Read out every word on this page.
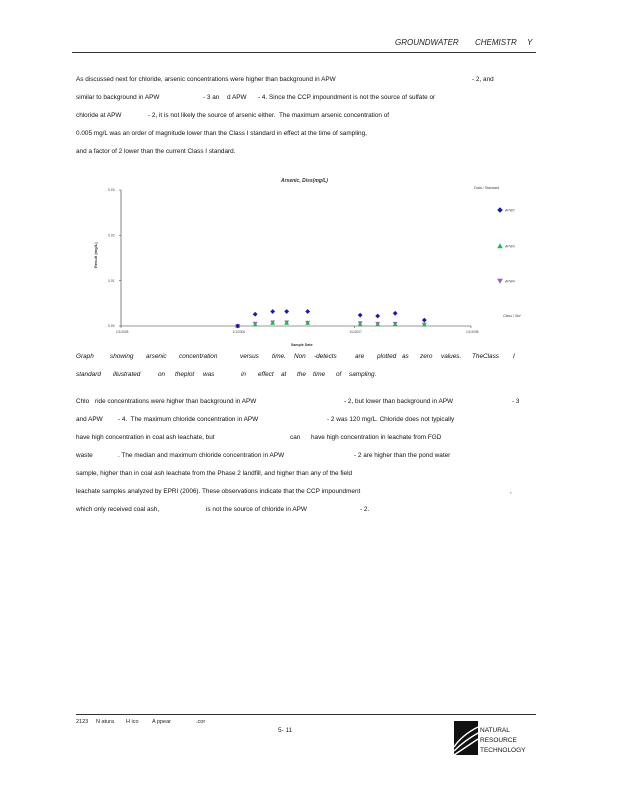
GROUNDWATER CHEMISTR Y
As discussed next for chloride, arsenic concentrations were higher than background in APW	- 2, and
similar to background in APW	- 3 an d APW - 4. Since the CCP impoundment is not the source of sulfate or
chloride at APW	- 2, it is not likely the source of arsenic either.  The maximum arsenic concentration of
0.005 mg/L was an order of magnitude lower than the Class I standard in effect at the time of sampling,
and a factor of 2 lower than the current Class I standard.
Arsenic, Diss(mg/L)
Data / Standard
Result (mg/L)
Sample Date
0.03
0.02
0.01
0.00
1/1/2005	1/1/2006	1/1/2007	1/1/2008
APW2
APW3
APW4
Class I Std
Graph	showing arsenic concentration	versus time. Non -detects	are plotted as zero values. TheClass I
standard illustrated	on theplot was	in effect at the time of sampling.
Chlo ride concentrations were higher than background in APW	- 2, but lower than background in APW	- 3
and APW - 4.  The maximum chloride concentration in APW	- 2 was 120 mg/L. Chloride does not typically
have high concentration in coal ash leachate, but	can have high concentration in leachate from FGD
waste	. The median and maximum chloride concentration in APW	- 2 are higher than the pond water
sample, higher than in coal ash leachate from the Phase 2 landfill, and higher than any of the field
leachate samples analyzed by EPRI (2006). These observations indicate that the CCP impoundment	,
which only received coal ash,	is not the source of chloride in APW	- 2.
2123 N atura H ico A ppear	.cor
5- 11	NATURAL
RESOURCE
TECHNOLOGY
